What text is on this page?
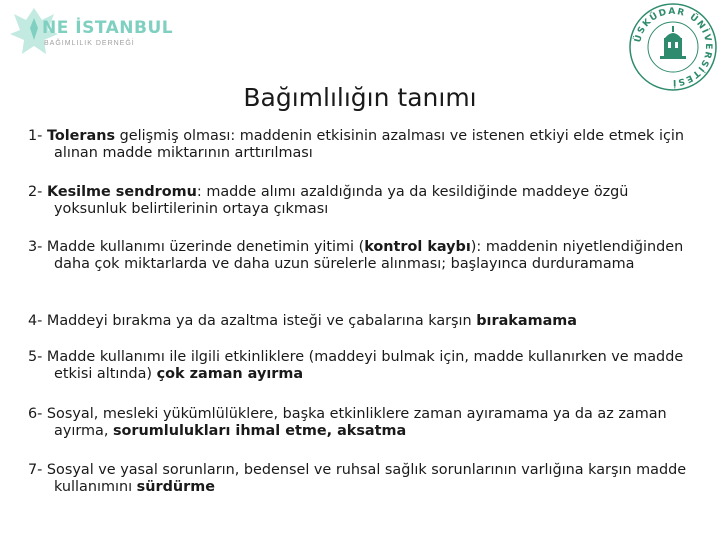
NE İSTANBUL
BAĞIMLILIK DERNEĞİ	ÜSKÜDAR ÜNİVERSİTESİ
Bağımlılığın tanımı

1- Tolerans gelişmiş olması: maddenin etkisinin azalması ve istenen etkiyi elde etmek için alınan madde miktarının arttırılması

2- Kesilme sendromu: madde alımı azaldığında ya da kesildiğinde maddeye özgü yoksunluk belirtilerinin ortaya çıkması

3- Madde kullanımı üzerinde denetimin yitimi (kontrol kaybı): maddenin niyetlendiğinden daha çok miktarlarda ve daha uzun sürelerle alınması; başlayınca durduramama

4- Maddeyi bırakma ya da azaltma isteği ve çabalarına karşın bırakamama

5- Madde kullanımı ile ilgili etkinliklere (maddeyi bulmak için, madde kullanırken ve madde etkisi altında) çok zaman ayırma

6- Sosyal, mesleki yükümlülüklere, başka etkinliklere zaman ayıramama ya da az zaman ayırma, sorumlulukları ihmal etme, aksatma

7- Sosyal ve yasal sorunların, bedensel ve ruhsal sağlık sorunlarının varlığına karşın madde kullanımını sürdürme
